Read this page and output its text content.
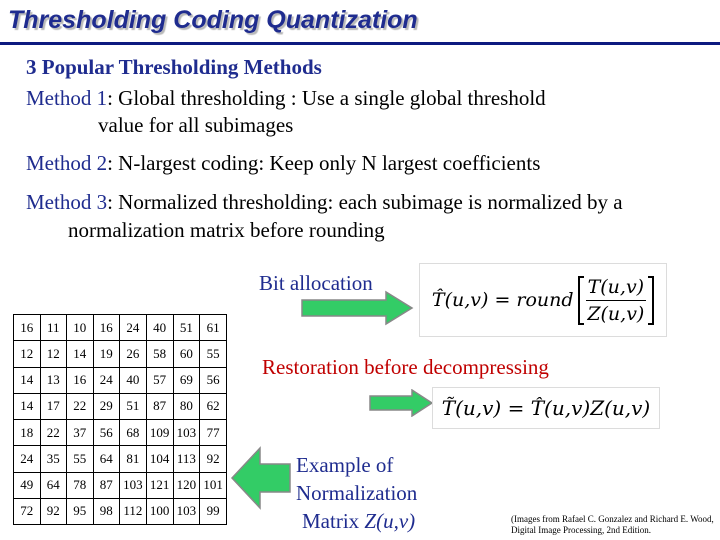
Thresholding Coding Quantization
3 Popular Thresholding Methods
Method 1: Global thresholding : Use a single global threshold
value for all subimages
Method 2: N-largest coding: Keep only N largest coefficients
Method 3: Normalized thresholding: each subimage is normalized by a
normalization matrix before rounding
Bit allocation
T̂(u,v) = round $\frac{T(u,v)}{Z(u,v)}$
Restoration before decompressing
T̃(u,v) = T̂(u,v)Z(u,v)
16	11	10	16	24	40	51	61
12	12	14	19	26	58	60	55
14	13	16	24	40	57	69	56
14	17	22	29	51	87	80	62
18	22	37	56	68	109	103	77
24	35	55	64	81	104	113	92
49	64	78	87	103	121	120	101
72	92	95	98	112	100	103	99
Example of
Normalization
Matrix Z(u,v)	(Images from Rafael C. Gonzalez and Richard E. Wood, Digital Image Processing, 2nd Edition.
